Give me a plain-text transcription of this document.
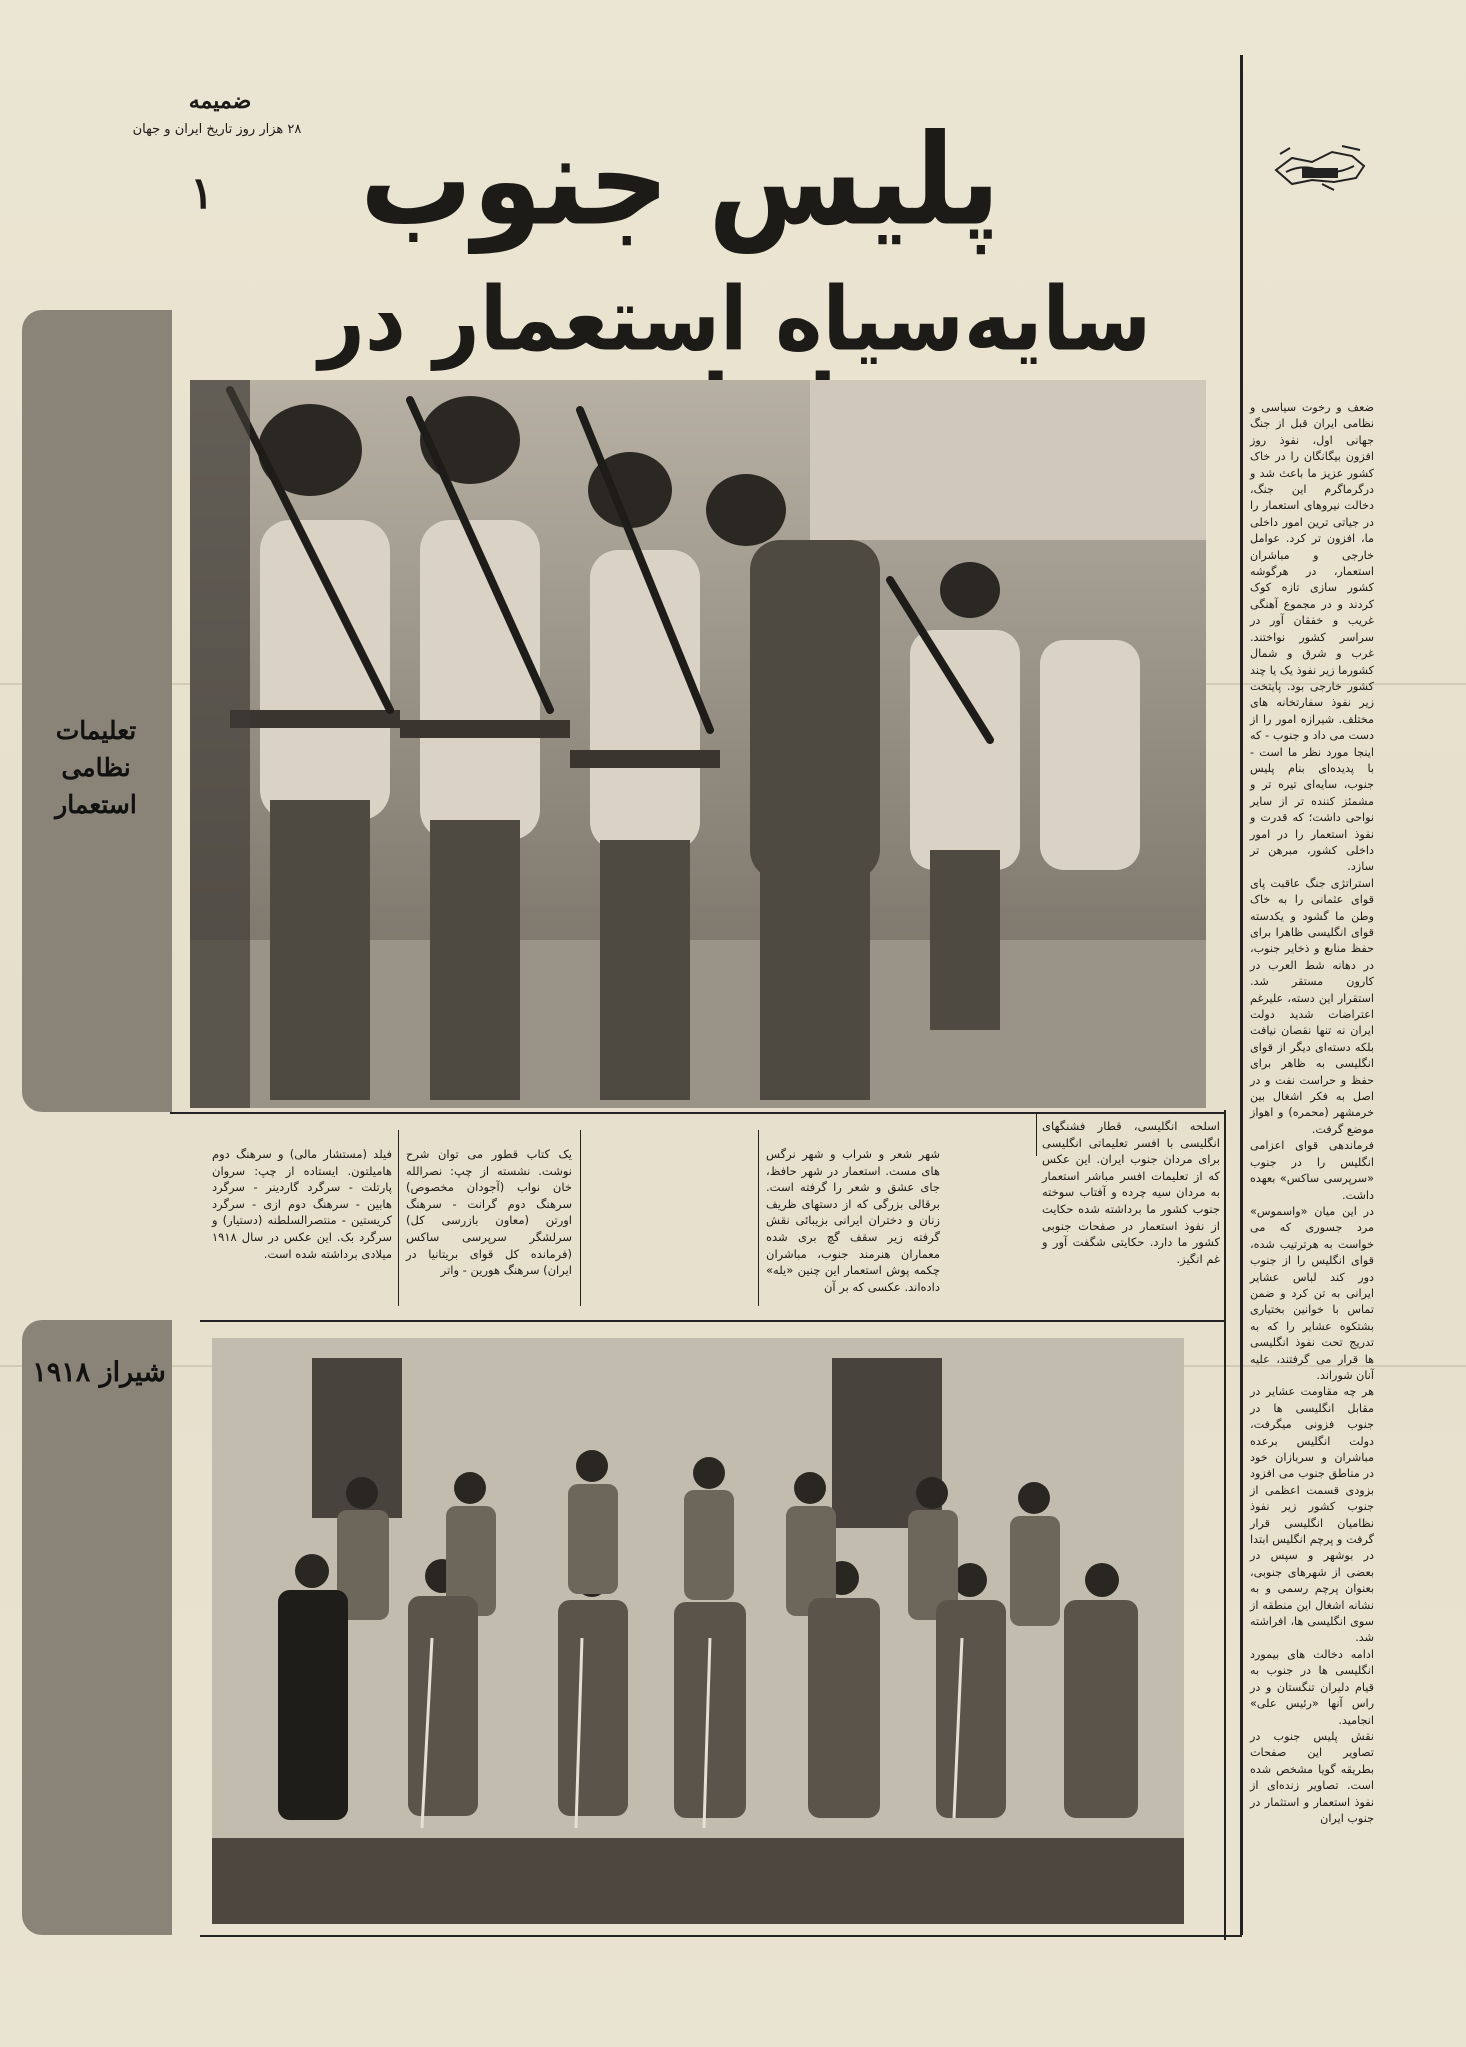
ضمیمه
۲۸ هزار روز تاریخ ایران و جهان
۱ پلیس جنوب
سایه‌سیاه استعمار در
تعلیمات نظامی استعمار
شیراز ۱۹۱۸

ضعف و رخوت سیاسی و نظامی ایران قبل از جنگ جهانی اول، نفوذ روز افزون بیگانگان را در خاک کشور عزیز ما باعث شد و درگرماگرم این جنگ، دخالت نیروهای استعمار را در جیاتی ترین امور داخلی ما، افزون تر کرد. عوامل خارجی و مباشران استعمار، در هرگوشه کشور سازی تازه کوک کردند و در مجموع آهنگی غریب و خفقان آور در سراسر کشور نواختند. غرب و شرق و شمال کشورما زیر نفوذ یک یا چند کشور خارجی بود. پایتخت زیر نفوذ سفارتخانه های مختلف. شیرازه امور را از دست می داد و جنوب - که اینجا مورد نظر ما است - با پدیده‌ای بنام پلیس جنوب، سایه‌ای تیره تر و مشمئز کننده تر از سایر نواحی داشت؛ که قدرت و نفوذ استعمار را در امور داخلی کشور، مبرهن تر سازد.

استراتژی جنگ عاقبت پای قوای عثمانی را به خاک وطن ما گشود و یکدسته قوای انگلیسی ظاهرا برای حفظ منابع و ذخایر جنوب، در دهانه شط العرب در کارون مستقر شد. استقرار این دسته، علیرغم اعتراضات شدید دولت ایران نه تنها نقصان نیافت بلکه دسته‌ای دیگر از قوای انگلیسی به ظاهر برای حفظ و حراست نفت و در اصل به فکر اشغال بین خرمشهر (محمره) و اهواز موضع گرفت.

فرماندهی قوای اعزامی انگلیس را در جنوب «سرپرسی ساکس» بعهده داشت.

در این میان «واسموس» مرد جسوری که می خواست به هرترتیب شده، قوای انگلیس را از جنوب دور کند لباس عشایر ایرانی به تن کرد و ضمن تماس با خوانین بختیاری بشتکوه عشایر را که به تدریج تحت نفوذ انگلیسی ها قرار می گرفتند، علیه آنان شوراند.

هر چه مقاومت عشایر در مقابل انگلیسی ها در جنوب فزونی میگرفت، دولت انگلیس برعده مباشران و سربازان خود در مناطق جنوب می افزود بزودی قسمت اعظمی از جنوب کشور زیر نفوذ نظامیان انگلیسی قرار گرفت و پرچم انگلیس ابتدا در بوشهر و سپس در بعضی از شهرهای جنوبی، بعنوان پرچم رسمی و به نشانه اشغال این منطقه از سوی انگلیسی ها، افراشته شد.

ادامه دخالت های بیمورد انگلیسی ها در جنوب به قیام دلیران تنگستان و در راس آنها «رئیس علی» انجامید.

نقش پلیس جنوب در تصاویر این صفحات بطریقه گویا مشخص شده است. تصاویر زنده‌ای از نفوذ استعمار و استثمار در جنوب ایران

اسلحه انگلیسی، قطار فشنگهای انگلیسی با افسر تعلیماتی انگلیسی برای مردان جنوب ایران. این عکس که از تعلیمات افسر مباشر استعمار به مردان سیه چرده و آفتاب سوخته جنوب کشور ما برداشته شده حکایت از نفوذ استعمار در صفحات جنوبی کشور ما دارد. حکایتی شگفت آور و غم انگیز.
شهر شعر و شراب و شهر نرگس های مست. استعمار در شهر حافظ، جای عشق و شعر را گرفته است. برقالی بزرگی که از دستهای ظریف زنان و دختران ایرانی بزیبائی نقش گرفته زیر سقف گچ بری شده معماران هنرمند جنوب، مباشران چکمه پوش استعمار این چنین «یله» داده‌اند. عکسی که بر آن
یک کتاب قطور می توان شرح نوشت. نشسته از چپ: نصرالله خان نواب (آجودان مخصوص) سرهنگ دوم گرانت - سرهنگ اورتن (معاون بازرسی کل) سرلشگر سرپرسی ساکس (فرمانده کل قوای بریتانیا در ایران) سرهنگ هورین - واتر
فیلد (مستشار مالی) و سرهنگ دوم هامیلتون. ایستاده از چپ: سروان پارتلت - سرگرد گاردینر - سرگرد هابین - سرهنگ دوم ازی - سرگرد کریستین - منتصرالسلطنه (دستیار) و سرگرد بک. این عکس در سال ۱۹۱۸ میلادی برداشته شده است.
